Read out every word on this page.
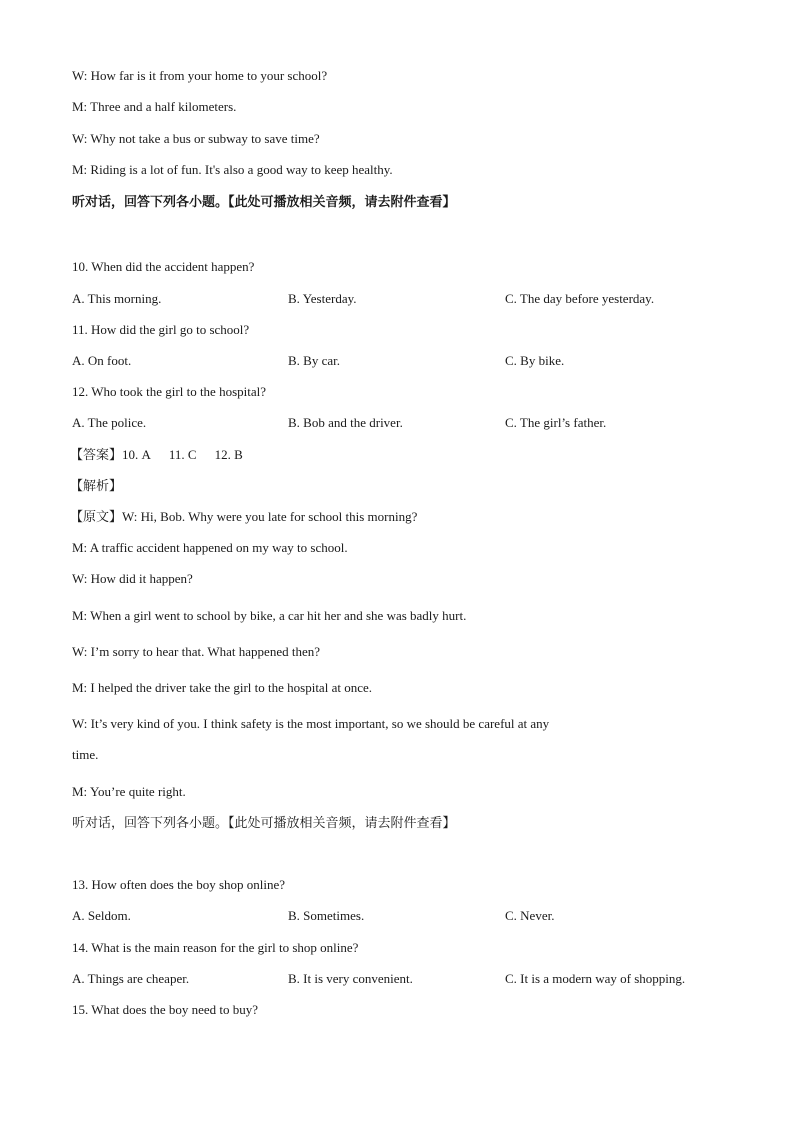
W: How far is it from your home to your school?
M: Three and a half kilometers.
W: Why not take a bus or subway to save time?
M: Riding is a lot of fun. It's also a good way to keep healthy.
听对话，回答下列各小题。【此处可播放相关音频，请去附件查看】
10. When did the accident happen?
A. This morning.	B. Yesterday.	C. The day before yesterday.
11. How did the girl go to school?
A. On foot.	B. By car.	C. By bike.
12. Who took the girl to the hospital?
A. The police.	B. Bob and the driver.	C. The girl’s father.
【答案】10. A 11. C 12. B
【解析】
【原文】W: Hi, Bob. Why were you late for school this morning?
M: A traffic accident happened on my way to school.
W: How did it happen?
M: When a girl went to school by bike, a car hit her and she was badly hurt.
W: I’m sorry to hear that. What happened then?
M: I helped the driver take the girl to the hospital at once.
W: It’s very kind of you. I think safety is the most important, so we should be careful at any
time.
M: You’re quite right.
听对话，回答下列各小题。【此处可播放相关音频，请去附件查看】
13. How often does the boy shop online?
A. Seldom.	B. Sometimes.	C. Never.
14. What is the main reason for the girl to shop online?
A. Things are cheaper.	B. It is very convenient.	C. It is a modern way of shopping.
15. What does the boy need to buy?
